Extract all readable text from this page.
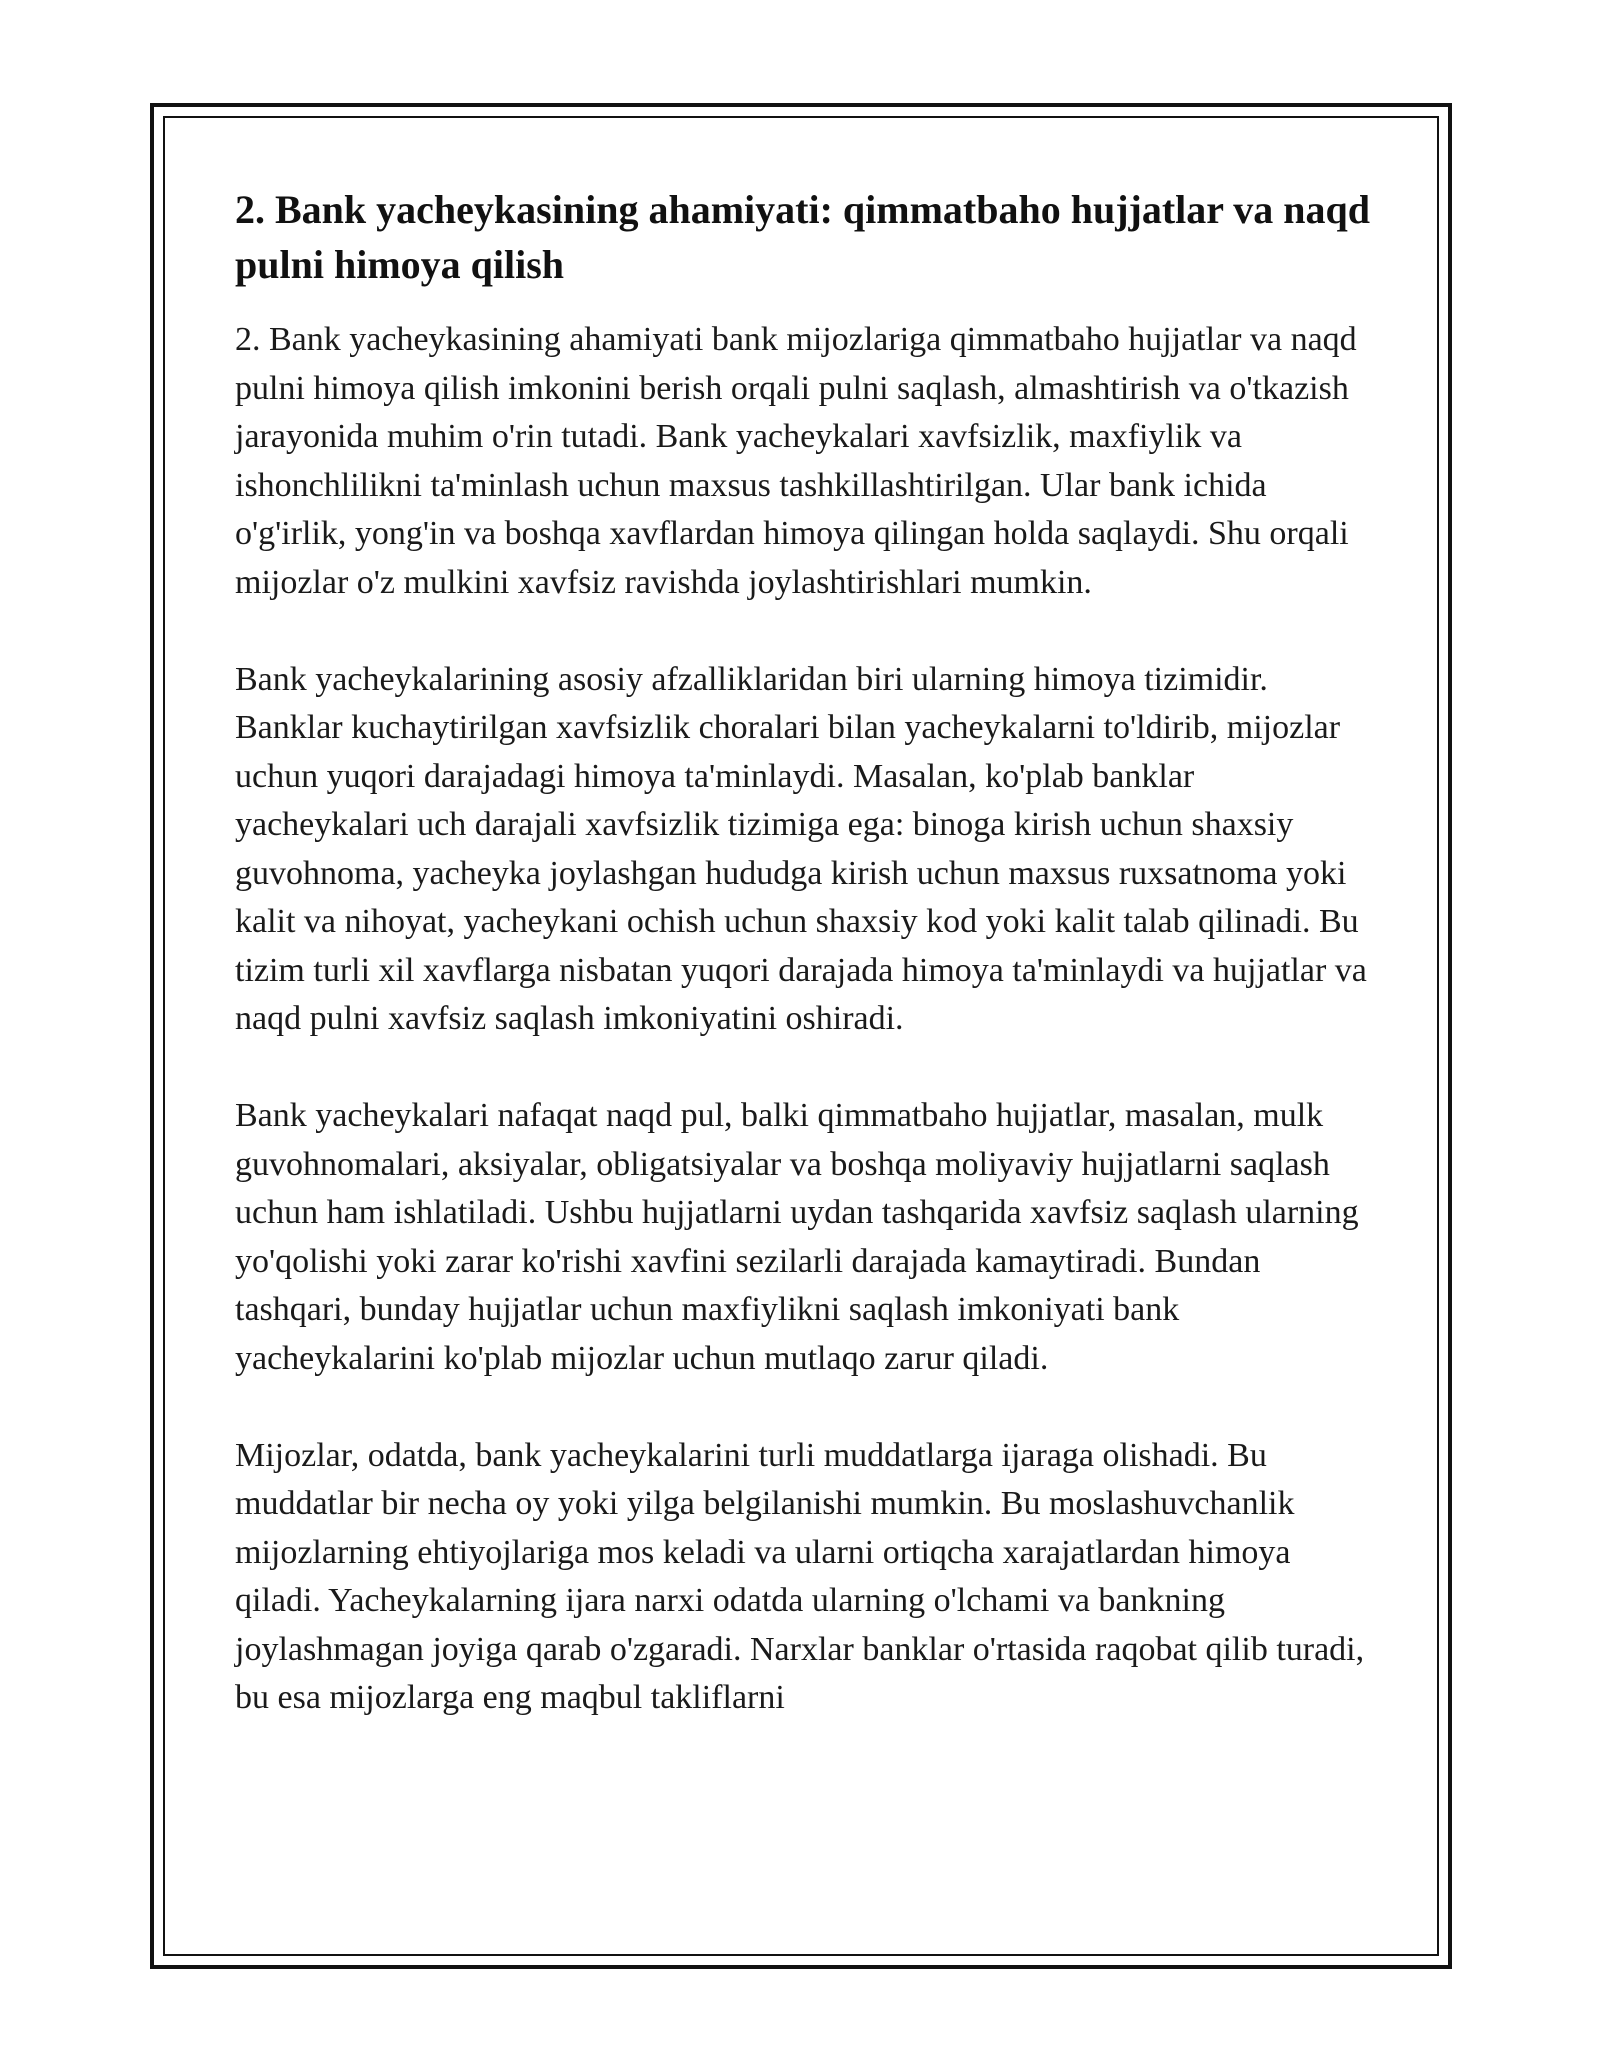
2. Bank yacheykasining ahamiyati: qimmatbaho hujjatlar va naqd pulni himoya qilish

2. Bank yacheykasining ahamiyati bank mijozlariga qimmatbaho hujjatlar va naqd pulni himoya qilish imkonini berish orqali pulni saqlash, almashtirish va o'tkazish jarayonida muhim o'rin tutadi. Bank yacheykalari xavfsizlik, maxfiylik va ishonchlilikni ta'minlash uchun maxsus tashkillashtirilgan. Ular bank ichida o'g'irlik, yong'in va boshqa xavflardan himoya qilingan holda saqlaydi. Shu orqali mijozlar o'z mulkini xavfsiz ravishda joylashtirishlari mumkin.

Bank yacheykalarining asosiy afzalliklaridan biri ularning himoya tizimidir. Banklar kuchaytirilgan xavfsizlik choralari bilan yacheykalarni to'ldirib, mijozlar uchun yuqori darajadagi himoya ta'minlaydi. Masalan, ko'plab banklar yacheykalari uch darajali xavfsizlik tizimiga ega: binoga kirish uchun shaxsiy guvohnoma, yacheyka joylashgan hududga kirish uchun maxsus ruxsatnoma yoki kalit va nihoyat, yacheykani ochish uchun shaxsiy kod yoki kalit talab qilinadi. Bu tizim turli xil xavflarga nisbatan yuqori darajada himoya ta'minlaydi va hujjatlar va naqd pulni xavfsiz saqlash imkoniyatini oshiradi.

Bank yacheykalari nafaqat naqd pul, balki qimmatbaho hujjatlar, masalan, mulk guvohnomalari, aksiyalar, obligatsiyalar va boshqa moliyaviy hujjatlarni saqlash uchun ham ishlatiladi. Ushbu hujjatlarni uydan tashqarida xavfsiz saqlash ularning yo'qolishi yoki zarar ko'rishi xavfini sezilarli darajada kamaytiradi. Bundan tashqari, bunday hujjatlar uchun maxfiylikni saqlash imkoniyati bank yacheykalarini ko'plab mijozlar uchun mutlaqo zarur qiladi.

Mijozlar, odatda, bank yacheykalarini turli muddatlarga ijaraga olishadi. Bu muddatlar bir necha oy yoki yilga belgilanishi mumkin. Bu moslashuvchanlik mijozlarning ehtiyojlariga mos keladi va ularni ortiqcha xarajatlardan himoya qiladi. Yacheykalarning ijara narxi odatda ularning o'lchami va bankning joylashmagan joyiga qarab o'zgaradi. Narxlar banklar o'rtasida raqobat qilib turadi, bu esa mijozlarga eng maqbul takliflarni
